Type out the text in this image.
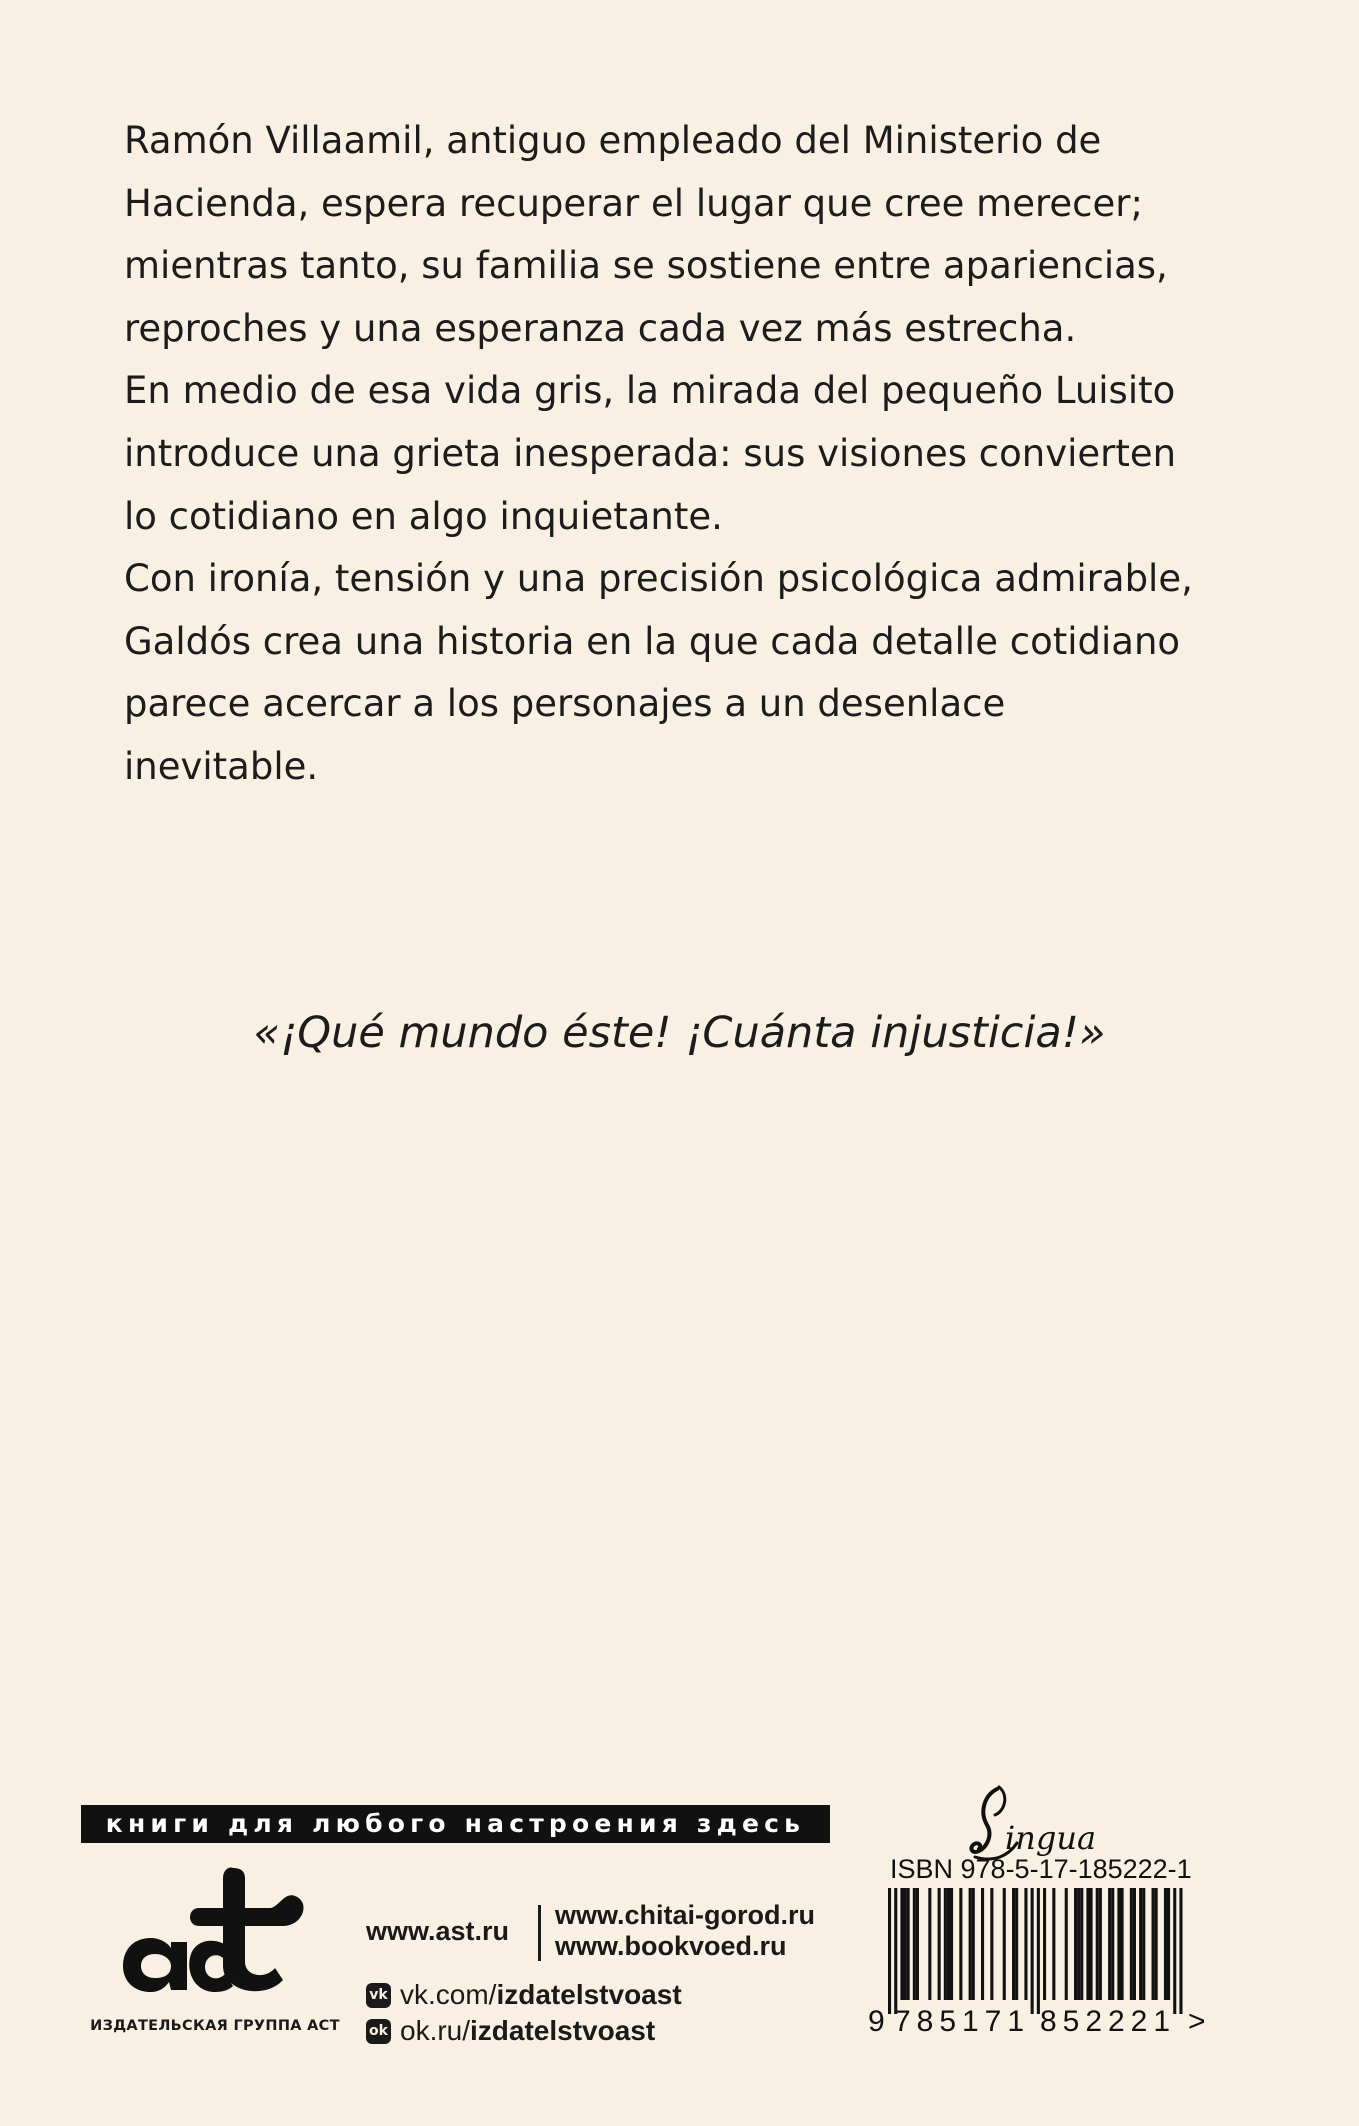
Ramón Villaamil, antiguo empleado del Ministerio de
Hacienda, espera recuperar el lugar que cree merecer;
mientras tanto, su familia se sostiene entre apariencias,
reproches y una esperanza cada vez más estrecha.
En medio de esa vida gris, la mirada del pequeño Luisito
introduce una grieta inesperada: sus visiones convierten
lo cotidiano en algo inquietante.
Con ironía, tensión y una precisión psicológica admirable,
Galdós crea una historia en la que cada detalle cotidiano
parece acercar a los personajes a un desenlace
inevitable.
«¡Qué mundo éste! ¡Cuánta injusticia!»
книги для любого настроения здесь
ИЗДАТЕЛЬСКАЯ ГРУППА АСТ
www.ast.ru
www.chitai-gorod.ru
www.bookvoed.ru
vk vk.com/ izdatelstvoast
ok ok.ru/ izdatelstvoast
ingua
ISBN 978-5-17-185222-1
9 785171 852221 >
